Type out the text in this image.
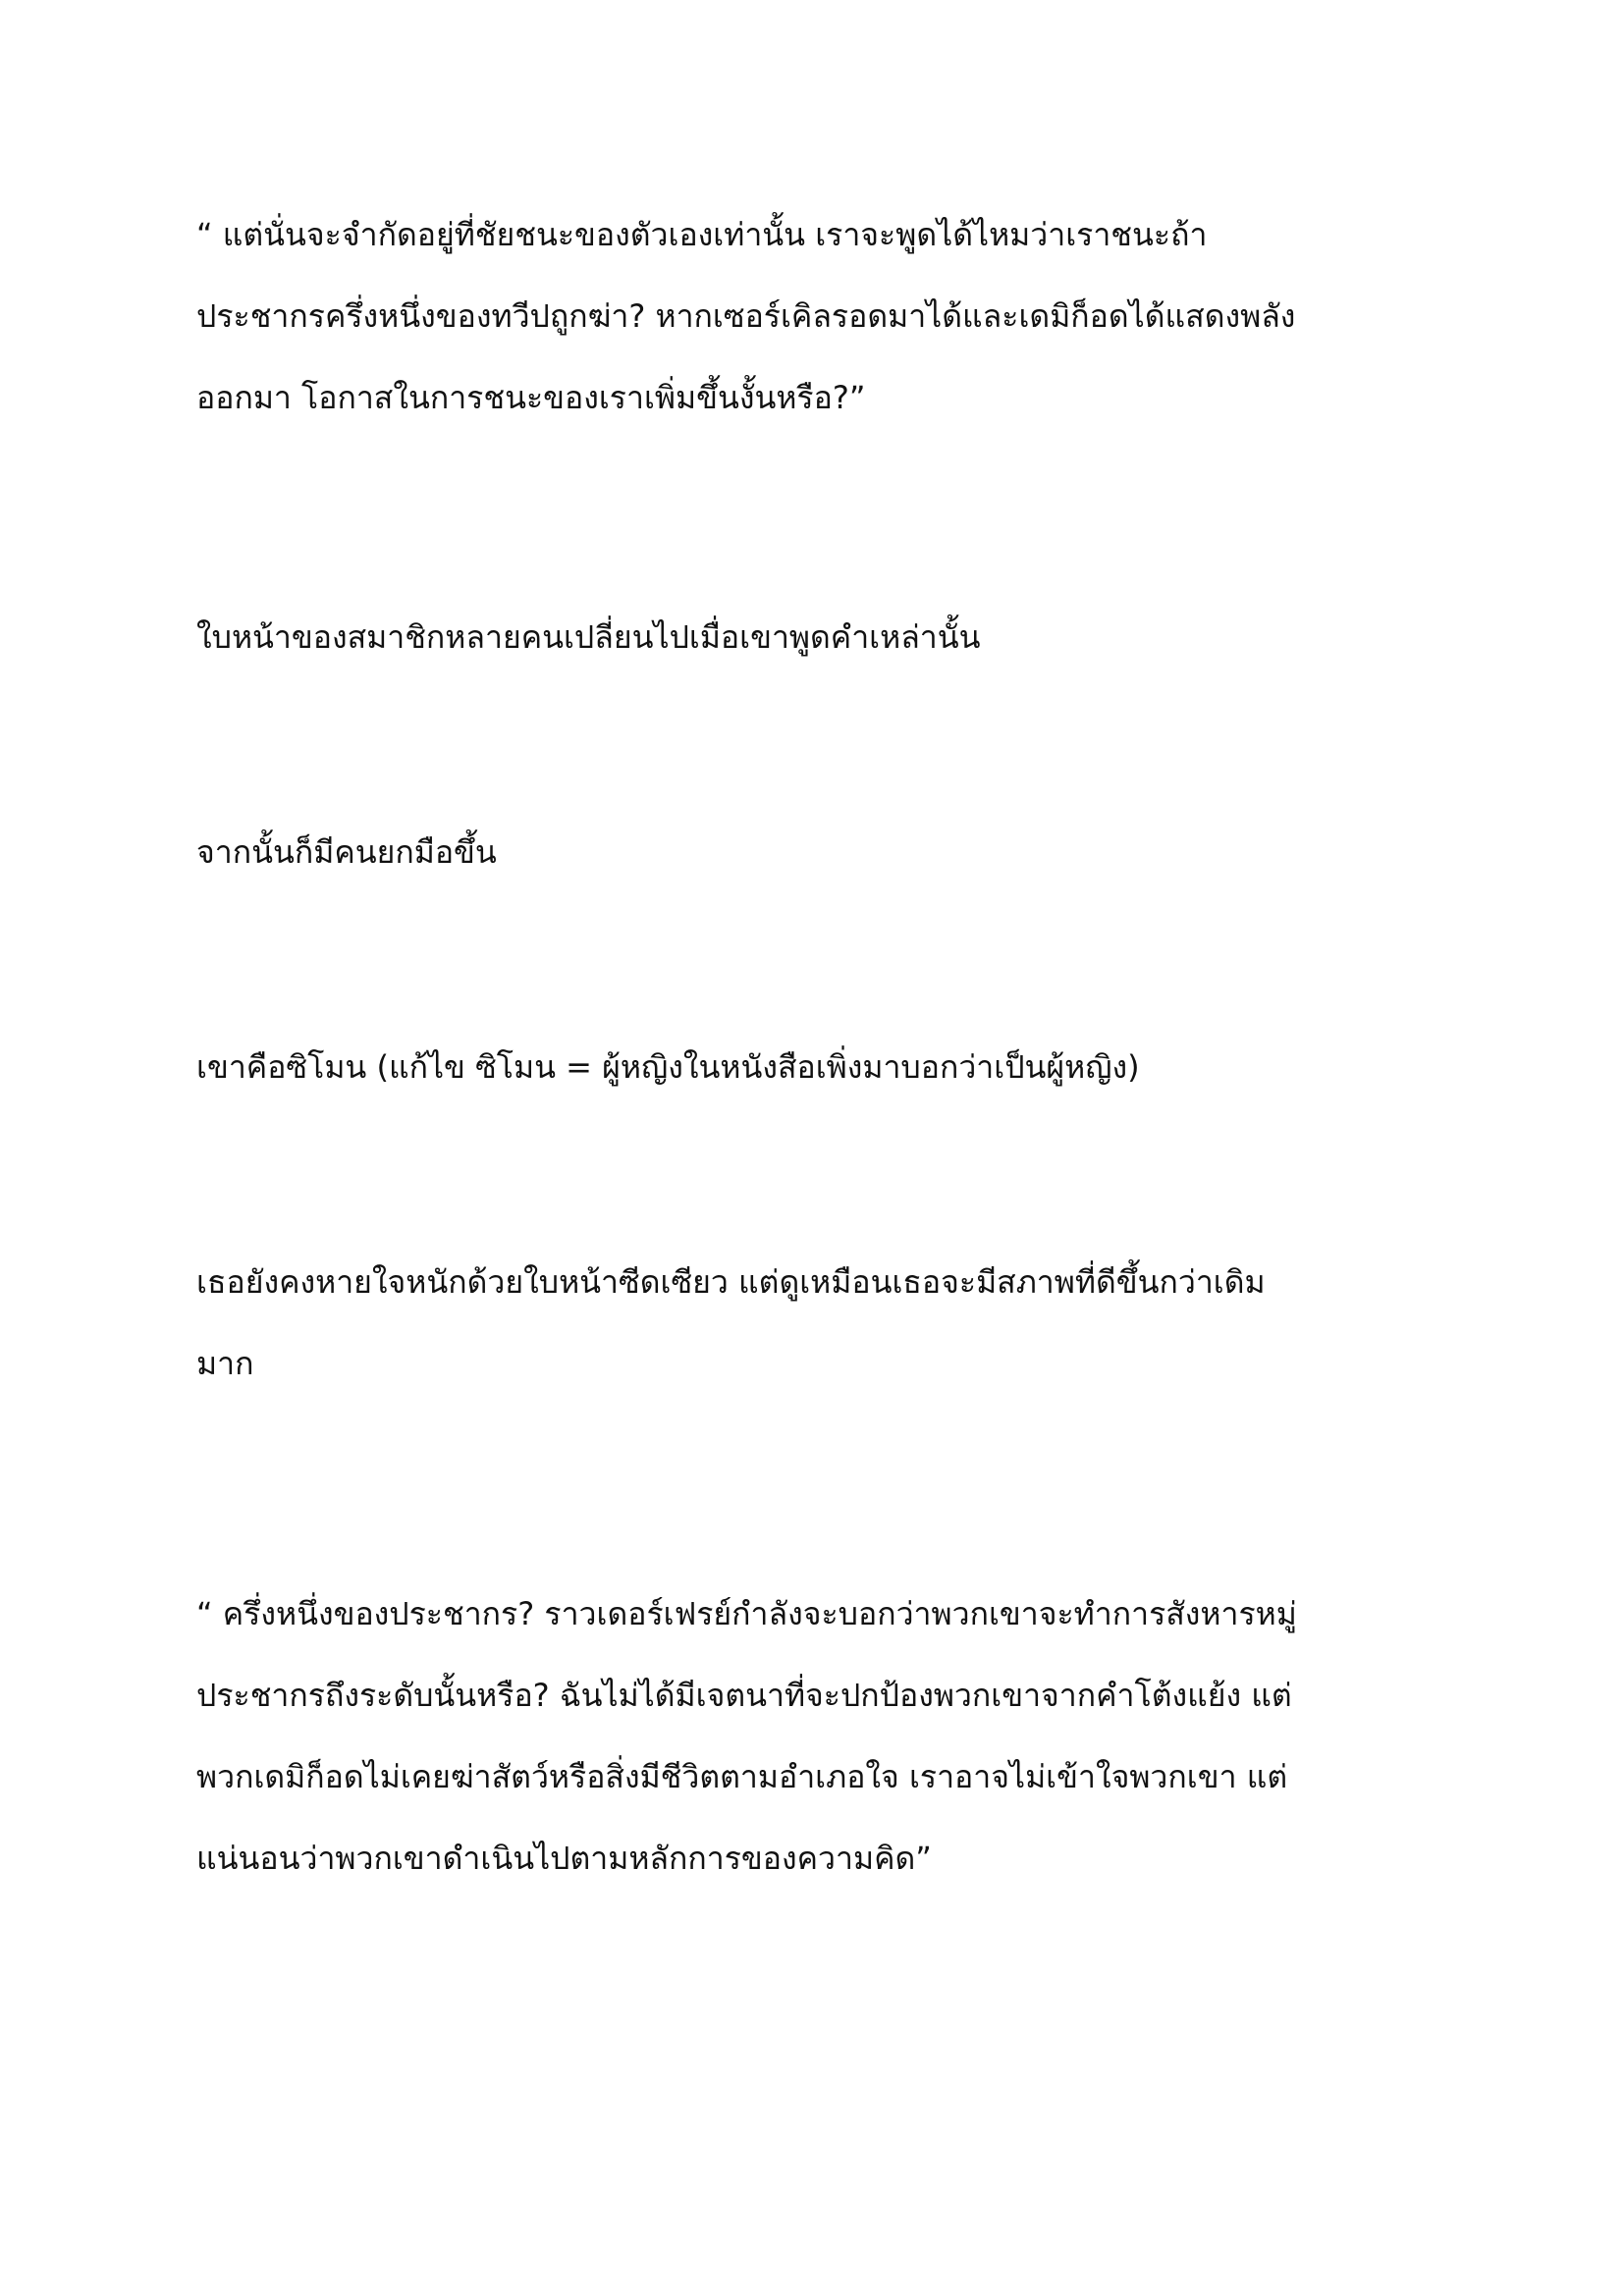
“ แต่นั่นจะจำกัดอยู่ที่ชัยชนะของตัวเองเท่านั้น เราจะพูดได้ไหมว่าเราชนะถ้า
ประชากรครึ่งหนึ่งของทวีปถูกฆ่า? หากเซอร์เคิลรอดมาได้และเดมิก็อดได้แสดงพลัง
ออกมา โอกาสในการชนะของเราเพิ่มขึ้นงั้นหรือ?”

ใบหน้าของสมาชิกหลายคนเปลี่ยนไปเมื่อเขาพูดคำเหล่านั้น

จากนั้นก็มีคนยกมือขึ้น

เขาคือซิโมน (แก้ไข ซิโมน = ผู้หญิงในหนังสือเพิ่งมาบอกว่าเป็นผู้หญิง)

เธอยังคงหายใจหนักด้วยใบหน้าซีดเซียว แต่ดูเหมือนเธอจะมีสภาพที่ดีขึ้นกว่าเดิม
มาก

“ ครึ่งหนึ่งของประชากร? ราวเดอร์เฟรย์กำลังจะบอกว่าพวกเขาจะทำการสังหารหมู่
ประชากรถึงระดับนั้นหรือ? ฉันไม่ได้มีเจตนาที่จะปกป้องพวกเขาจากคำโต้งแย้ง แต่
พวกเดมิก็อดไม่เคยฆ่าสัตว์หรือสิ่งมีชีวิตตามอำเภอใจ เราอาจไม่เข้าใจพวกเขา แต่
แน่นอนว่าพวกเขาดำเนินไปตามหลักการของความคิด”
